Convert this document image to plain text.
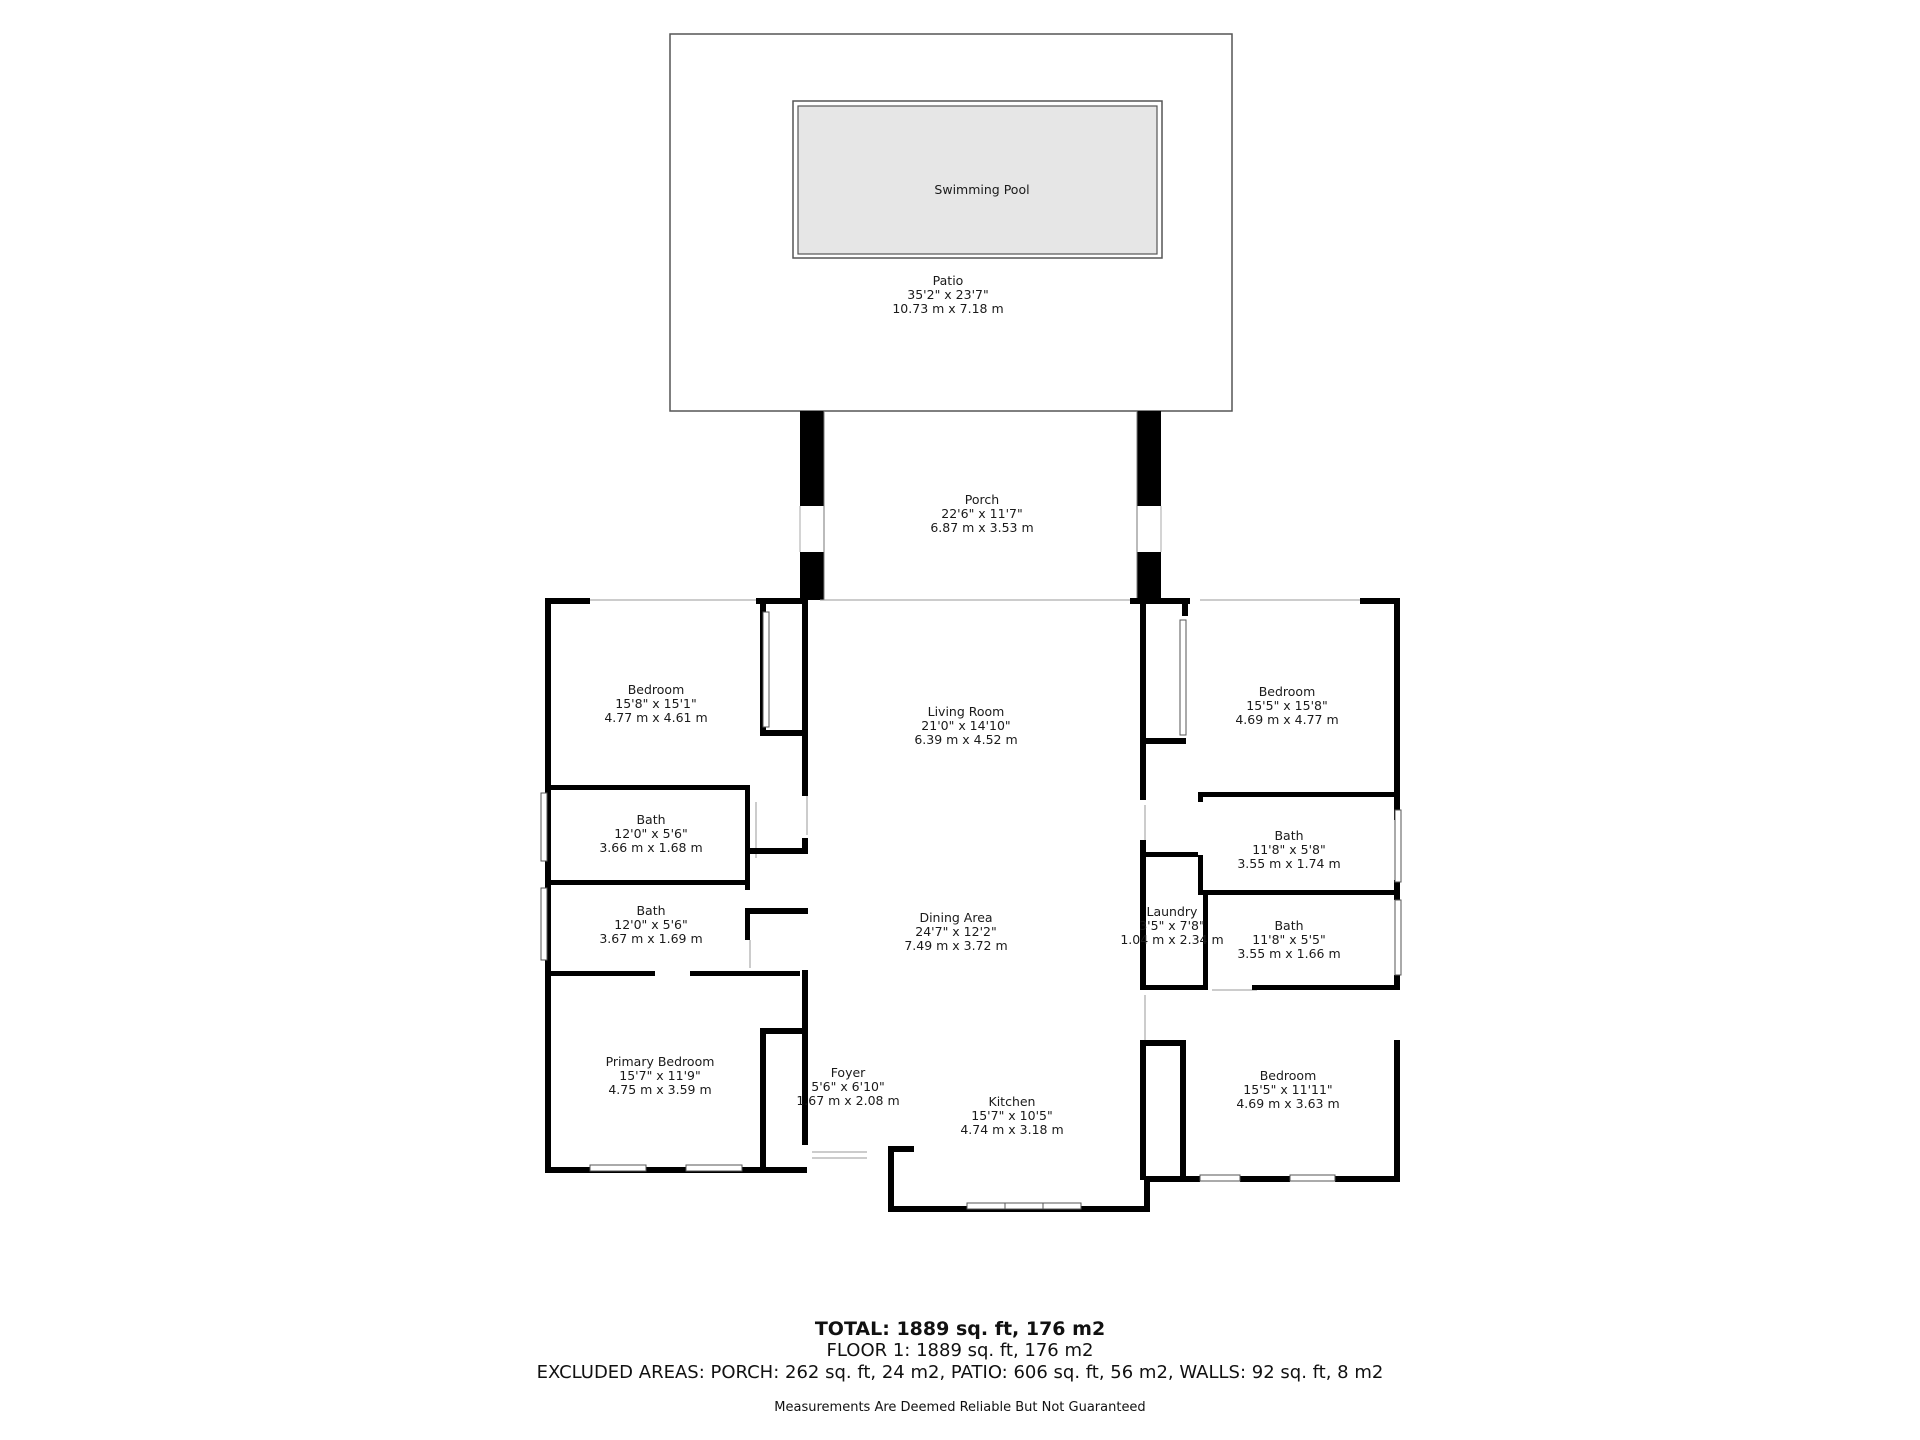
Swimming Pool
Patio
35'2" x 23'7"
10.73 m x 7.18 m
Porch
22'6" x 11'7"
6.87 m x 3.53 m
Bedroom
15'8" x 15'1"
4.77 m x 4.61 m	Living Room
21'0" x 14'10"
6.39 m x 4.52 m
Bedroom
15'5" x 15'8"
4.69 m x 4.77 m
Bath
12'0" x 5'6"
3.66 m x 1.68 m
Bath
11'8" x 5'8"
3.55 m x 1.74 m
Bath
12'0" x 5'6"
3.67 m x 1.69 m
Dining Area
24'7" x 12'2"
7.49 m x 3.72 m
Laundry
3'5" x 7'8"
1.04 m x 2.34 m
Bath
11'8" x 5'5"
3.55 m x 1.66 m
Primary Bedroom
15'7" x 11'9"
4.75 m x 3.59 m
Foyer
5'6" x 6'10"
1.67 m x 2.08 m	Kitchen
15'7" x 10'5"
4.74 m x 3.18 m
Bedroom
15'5" x 11'11"
4.69 m x 3.63 m
TOTAL: 1889 sq. ft, 176 m2
FLOOR 1: 1889 sq. ft, 176 m2
EXCLUDED AREAS: PORCH: 262 sq. ft, 24 m2, PATIO: 606 sq. ft, 56 m2, WALLS: 92 sq. ft, 8 m2
Measurements Are Deemed Reliable But Not Guaranteed
